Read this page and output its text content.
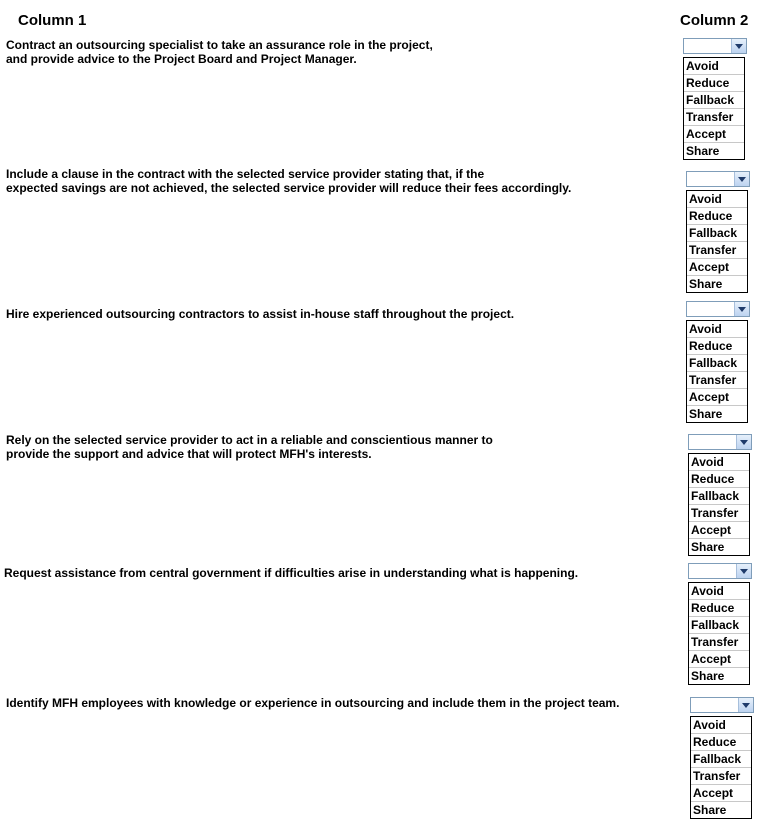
Column 1	Column 2
Contract an outsourcing specialist to take an assurance role in the project,
and provide advice to the Project Board and Project Manager.	Avoid
Reduce
Fallback
Transfer
Accept
Share
Include a clause in the contract with the selected service provider stating that, if the
expected savings are not achieved, the selected service provider will reduce their fees accordingly.
Avoid
Reduce
Fallback
Transfer
Accept
Share
Hire experienced outsourcing contractors to assist in-house staff throughout the project.
Avoid
Reduce
Fallback
Transfer
Accept
Share
Rely on the selected service provider to act in a reliable and conscientious manner to
provide the support and advice that will protect MFH's interests.
Avoid
Reduce
Fallback
Transfer
Accept
Share
Request assistance from central government if difficulties arise in understanding what is happening.
Avoid
Reduce
Fallback
Transfer
Accept
Share
Identify MFH employees with knowledge or experience in outsourcing and include them in the project team.
Avoid
Reduce
Fallback
Transfer
Accept
Share
